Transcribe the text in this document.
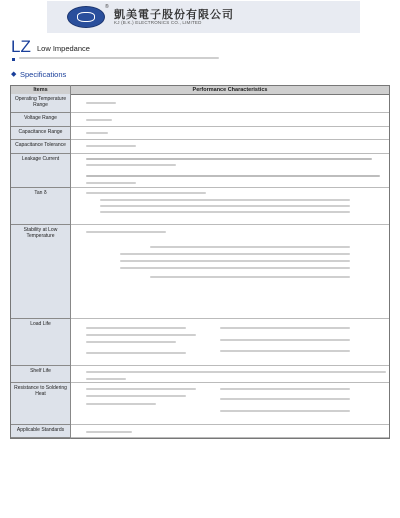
®
凱美電子股份有限公司
KJ (B.K.) ELECTRONICS CO., LIMITED
LZ Low Impedance
◆ Specifications
Items	Performance Characteristics
Operating Temperature Range
Voltage Range
Capacitance Range
Capacitance Tolerance
Leakage Current
Tan δ
Stability at Low Temperature
Load Life
Shelf Life
Resistance to Soldering Heat
Applicable Standards
